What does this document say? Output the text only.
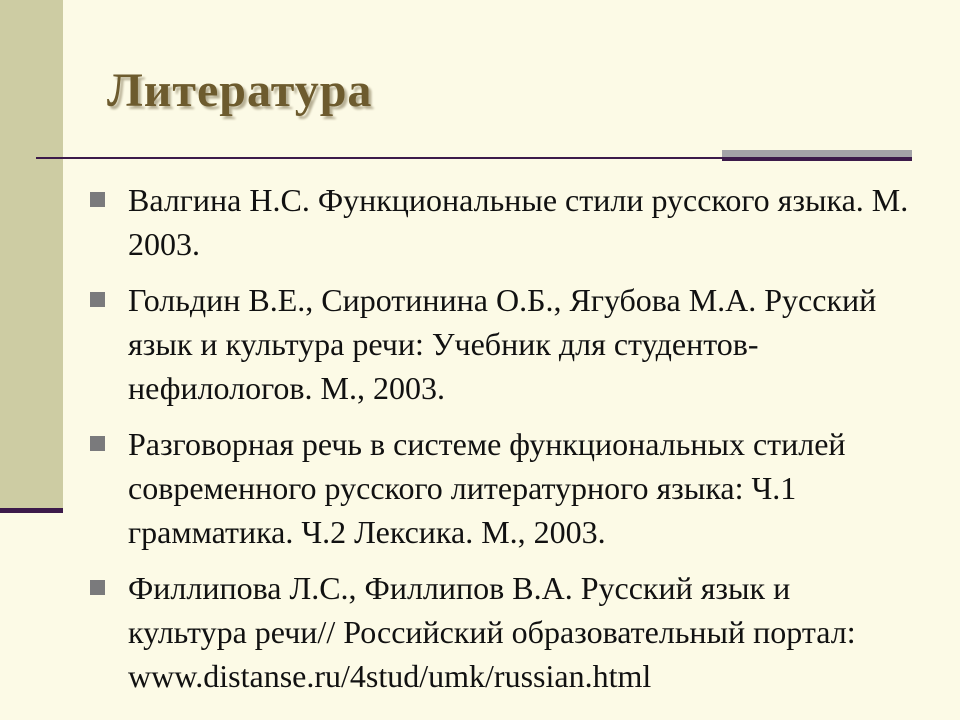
Литература
Валгина Н.С. Функциональные стили русского языка. М. 2003.
Гольдин В.Е., Сиротинина О.Б., Ягубова М.А. Русский язык и культура речи: Учебник для студентов-нефилологов. М., 2003.
Разговорная речь в системе функциональных стилей современного русского литературного языка: Ч.1 грамматика. Ч.2 Лексика. М., 2003.
Филлипова Л.С., Филлипов В.А. Русский язык и культура речи// Российский образовательный портал: www.distanse.ru/4stud/umk/russian.html
